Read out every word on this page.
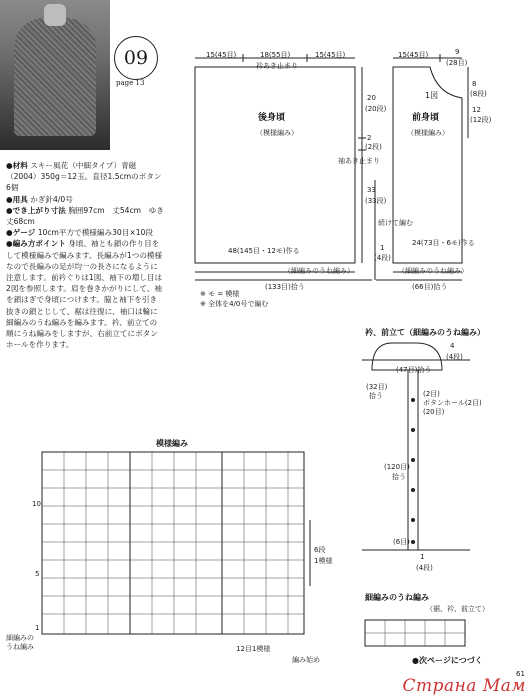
09
page 13

●材料 スキー風花（中細タイプ）青磁（2004）350g＝12玉。直径1.5cmのボタン6個

●用具 かぎ針4/0号

●でき上がり寸法 胸囲97cm　丈54cm　ゆき丈68cm

●ゲージ 10cm平方で模様編み30目×10段

●編み方ポイント 身頃、袖とも鎖の作り目をして模様編みで編みます。長編みが1つの模様なので長編みの足が均一の長さになるように注意します。前衿ぐりは1図、袖下の増し目は2図を参照します。肩を巻きかがりにして、袖を鎖はぎで身頃につけます。脇と袖下を引き抜きの鎖とじして、裾は往復に、袖口は輪に細編みのうね編みを編みます。衿、前立ての順にうね編みをしますが、右前立てにボタンホールを作ります。

15(45目)	18(55目)	15(45目)
衿あき止まり
後身頃
（模様編み）
20
(20段)
2
(2段)
袖あき止まり
33
(33段)
48(145目・12モ)作る
（細編みのうね編み）
(133目)拾う
1
(4段)
※ モ = 模様
※ 全体を4/0号で編む
15(45目)	9
(28目)
1図
前身頃
（模様編み）
8
(8段)
12
(12段)
続けて編む
24(73目・6モ)作る
（細編みのうね編み）
(66目)拾う
衿、前立て（細編みのうね編み）
4
(4段)
(47目)拾う
(32目)
拾う	(2目)
ボタンホール(2目)
(20目)
(120目)
拾う
(6目)
1
(4段)
模様編み
6段
1模様
10
5
1
細編みの
うね編み	12目1模様
編み始め
細編みのうね編み
（裾、衿、前立て）
●次ページにつづく
61
Страна Мам
